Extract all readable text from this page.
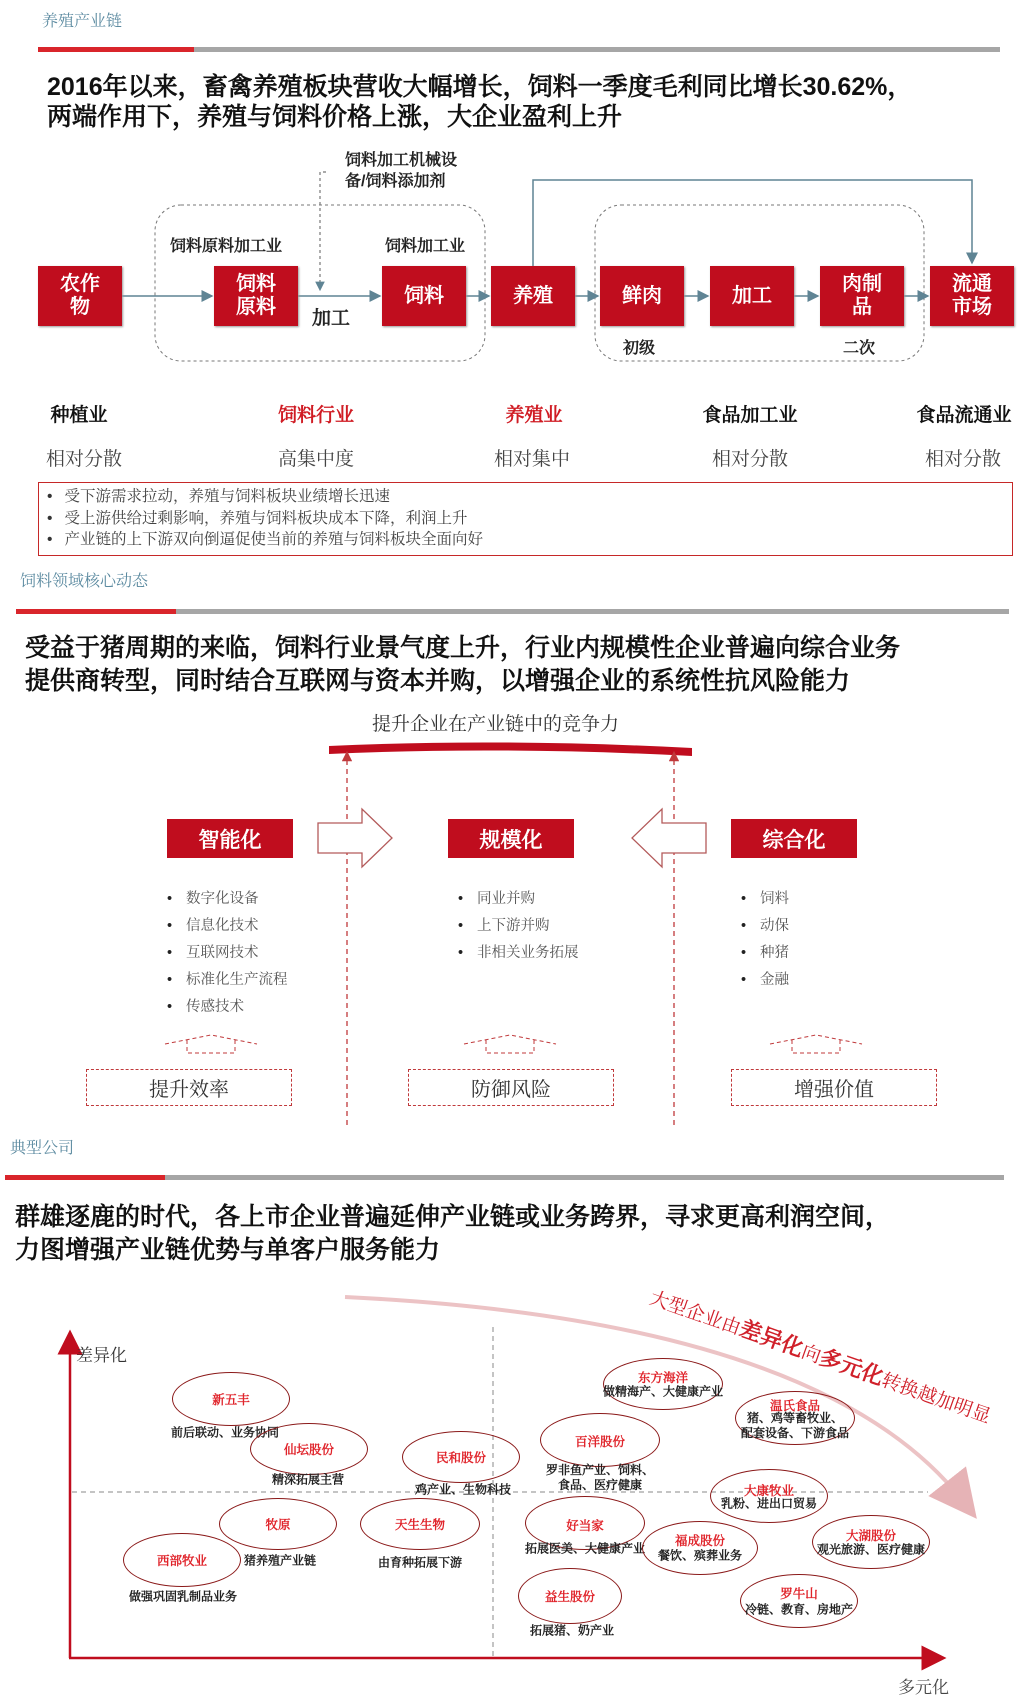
养殖产业链
2016年以来，畜禽养殖板块营收大幅增长，饲料一季度毛利同比增长30.62%，
两端作用下，养殖与饲料价格上涨，大企业盈利上升
饲料加工机械设
备/饲料添加剂
饲料原料加工业	饲料加工业
加工
初级	二次
农作
物
饲料
原料
饲料	养殖	鲜肉	加工
肉制
品
流通
市场
种植业	饲料行业	养殖业	食品加工业	食品流通业
相对分散	高集中度	相对集中	相对分散	相对分散
• 受下游需求拉动，养殖与饲料板块业绩增长迅速
• 受上游供给过剩影响，养殖与饲料板块成本下降，利润上升
• 产业链的上下游双向倒逼促使当前的养殖与饲料板块全面向好
饲料领域核心动态
受益于猪周期的来临，饲料行业景气度上升，行业内规模性企业普遍向综合业务
提供商转型，同时结合互联网与资本并购，以增强企业的系统性抗风险能力
提升企业在产业链中的竞争力
智能化	规模化	综合化
• 数字化设备
• 信息化技术
• 互联网技术
• 标准化生产流程
• 传感技术
• 同业并购
• 上下游并购
• 非相关业务拓展
• 饲料
• 动保
• 种猪
• 金融
提升效率	防御风险	增强价值
典型公司
群雄逐鹿的时代，各上市企业普遍延伸产业链或业务跨界，寻求更高利润空间，
力图增强产业链优势与单客户服务能力
差异化
多元化
大型企业由差异化向多元化转换越加明显
新五丰
前后联动、业务协同
仙坛股份
精深拓展主营
民和股份
鸡产业、生物科技
牧原
猪养殖产业链
天生生物
由育种拓展下游
西部牧业
做强巩固乳制品业务
东方海洋
做精海产、大健康产业
温氏食品
猪、鸡等畜牧业、
配套设备、下游食品
百洋股份
罗非鱼产业、饲料、
食品、医疗健康	大康牧业
乳粉、进出口贸易
好当家
拓展医美、大健康产业
福成股份
餐饮、殡葬业务
大湖股份
观光旅游、医疗健康
益生股份
拓展猪、奶产业
罗牛山
冷链、教育、房地产
